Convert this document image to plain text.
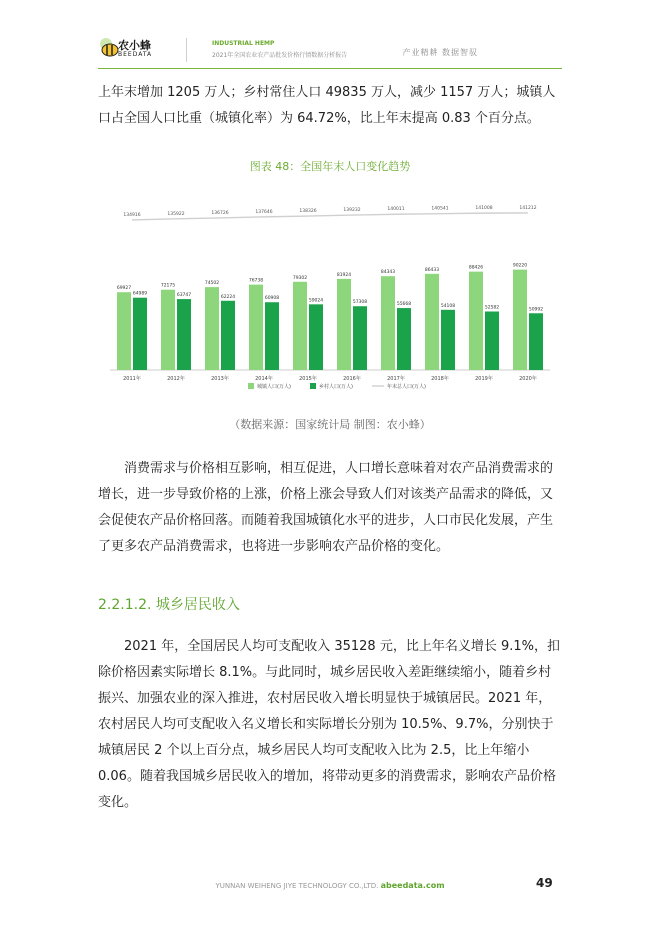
农小蜂
BEEDATA
INDUSTRIAL HEMP
2021年全国农业农产品批发价格行情数据分析报告	产业精耕 数据智驭

上年末增加 1205 万人；乡村常住人口 49835 万人，减少 1157 万人；城镇人口占全国人口比重（城镇化率）为 64.72%，比上年末提高 0.83 个百分点。

图表 48：全国年末人口变化趋势
69927
64989
134916
2011年
72175
63747
135922
2012年
74502
62224
136726
2013年
76738
60908
137646
2014年
79302
59024
138326
2015年
81924
57308
139232
2016年
84343
55668
140011
2017年
86433
54108
140541
2018年
88426
52582
141008
2019年
90220
50992
141212
2020年
城镇人口(万人)	乡村人口(万人)	年末总人口(万人)
（数据来源：国家统计局 制图：农小蜂）

　　消费需求与价格相互影响，相互促进，人口增长意味着对农产品消费需求的增长，进一步导致价格的上涨，价格上涨会导致人们对该类产品需求的降低，又会促使农产品价格回落。而随着我国城镇化水平的进步，人口市民化发展，产生了更多农产品消费需求，也将进一步影响农产品价格的变化。

2.2.1.2. 城乡居民收入

　　2021 年，全国居民人均可支配收入 35128 元，比上年名义增长 9.1%，扣除价格因素实际增长 8.1%。与此同时，城乡居民收入差距继续缩小，随着乡村振兴、加强农业的深入推进，农村居民收入增长明显快于城镇居民。2021 年，农村居民人均可支配收入名义增长和实际增长分别为 10.5%、9.7%，分别快于城镇居民 2 个以上百分点，城乡居民人均可支配收入比为 2.5，比上年缩小 0.06。随着我国城乡居民收入的增加，将带动更多的消费需求，影响农产品价格变化。

YUNNAN WEIHENG JIYE TECHNOLOGY CO.,LTD. abeedata.com	49
